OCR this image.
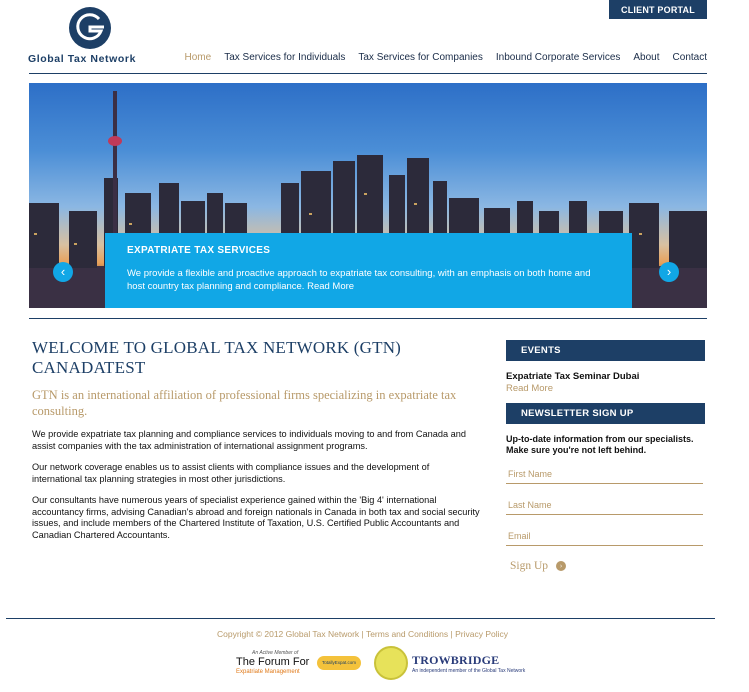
CLIENT PORTAL
Global Tax Network	Home Tax Services for Individuals Tax Services for Companies Inbound Corporate Services About Contact
EXPATRIATE TAX SERVICES
We provide a flexible and proactive approach to expatriate tax consulting, with an emphasis on both home and host country tax planning and compliance. Read More
‹	›
WELCOME TO GLOBAL TAX NETWORK (GTN) CANADATEST
GTN is an international affiliation of professional firms specializing in expatriate tax consulting.

We provide expatriate tax planning and compliance services to individuals moving to and from Canada and assist companies with the tax administration of international assignment programs.

Our network coverage enables us to assist clients with compliance issues and the development of international tax planning strategies in most other jurisdictions.

Our consultants have numerous years of specialist experience gained within the 'Big 4' international accountancy firms, advising Canadian's abroad and foreign nationals in Canada in both tax and social security issues, and include members of the Chartered Institute of Taxation, U.S. Certified Public Accountants and Canadian Chartered Accountants.

EVENTS
Expatriate Tax Seminar Dubai
Read More
NEWSLETTER SIGN UP
Up-to-date information from our specialists. Make sure you're not left behind.
First Name
Last Name
Email
Sign Up	›
Copyright © 2012 Global Tax Network | Terms and Conditions | Privacy Policy
An Active Member of
The Forum For
Expatriate Management
TotallyExpat.com	TROWBRIDGE
An independent member of the Global Tax Network
